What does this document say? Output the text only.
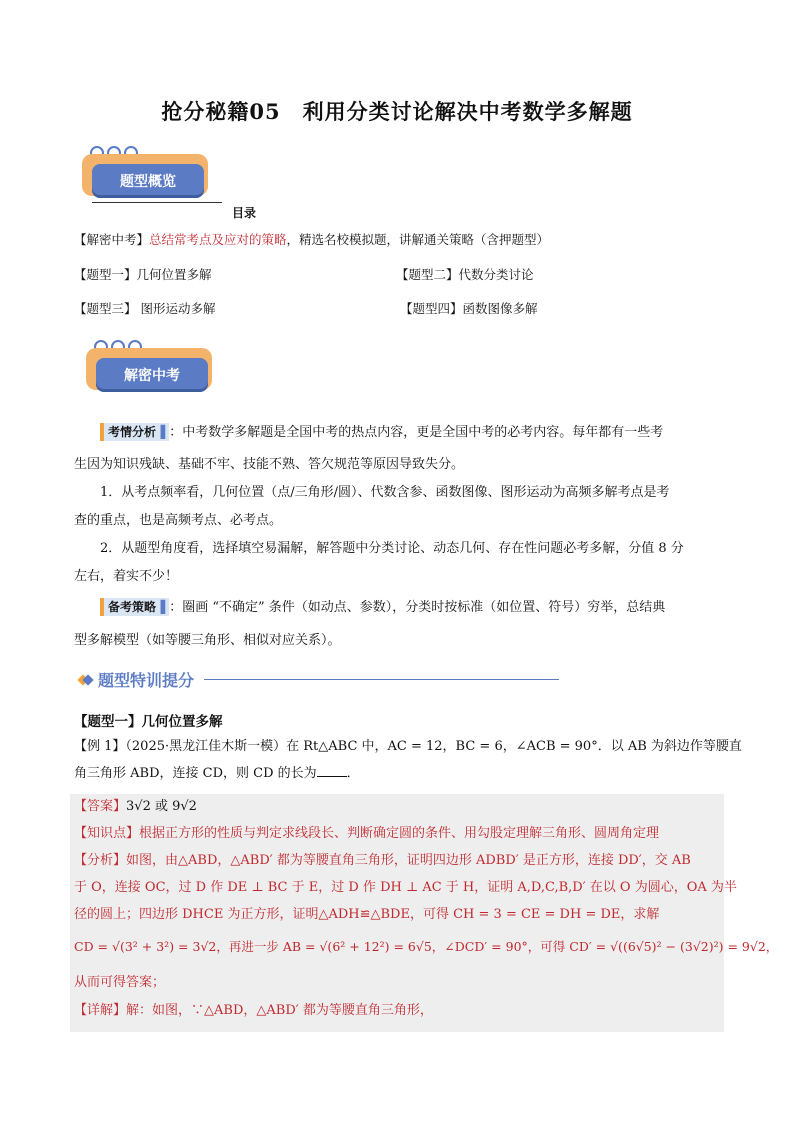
抢分秘籍05　利用分类讨论解决中考数学多解题
题型概览
目录
【解密中考】总结常考点及应对的策略，精选名校模拟题，讲解通关策略（含押题型）
【题型一】几何位置多解	【题型二】代数分类讨论
【题型三】 图形运动多解	【题型四】函数图像多解
解密中考
考情分析▐ ：中考数学多解题是全国中考的热点内容，更是全国中考的必考内容。每年都有一些考
生因为知识残缺、基础不牢、技能不熟、答欠规范等原因导致失分。
1．从考点频率看，几何位置（点/三角形/圆）、代数含参、函数图像、图形运动为高频多解考点是考
查的重点，也是高频考点、必考点。
2．从题型角度看，选择填空易漏解，解答题中分类讨论、动态几何、存在性问题必考多解，分值 8 分
左右，着实不少！
备考策略▐ ：圈画 “不确定” 条件（如动点、参数），分类时按标准（如位置、符号）穷举，总结典
型多解模型（如等腰三角形、相似对应关系）。
题型特训提分
【题型一】几何位置多解
【例 1】（2025·黑龙江佳木斯一模）在 Rt△ABC 中，AC = 12，BC = 6，∠ACB = 90°．以 AB 为斜边作等腰直
角三角形 ABD，连接 CD，则 CD 的长为 ．
【答案】3√2 或 9√2
【知识点】根据正方形的性质与判定求线段长、判断确定圆的条件、用勾股定理解三角形、圆周角定理
【分析】如图，由△ABD，△ABD′ 都为等腰直角三角形，证明四边形 ADBD′ 是正方形，连接 DD′，交 AB
于 O，连接 OC，过 D 作 DE ⊥ BC 于 E，过 D 作 DH ⊥ AC 于 H，证明 A,D,C,B,D′ 在以 O 为圆心，OA 为半
径的圆上；四边形 DHCE 为正方形，证明△ADH≌△BDE，可得 CH = 3 = CE = DH = DE，求解
CD = √(3² + 3²) = 3√2，再进一步 AB = √(6² + 12²) = 6√5，∠DCD′ = 90°，可得 CD′ = √((6√5)² − (3√2)²) = 9√2，
从而可得答案；
【详解】解：如图，∵△ABD，△ABD′ 都为等腰直角三角形，
